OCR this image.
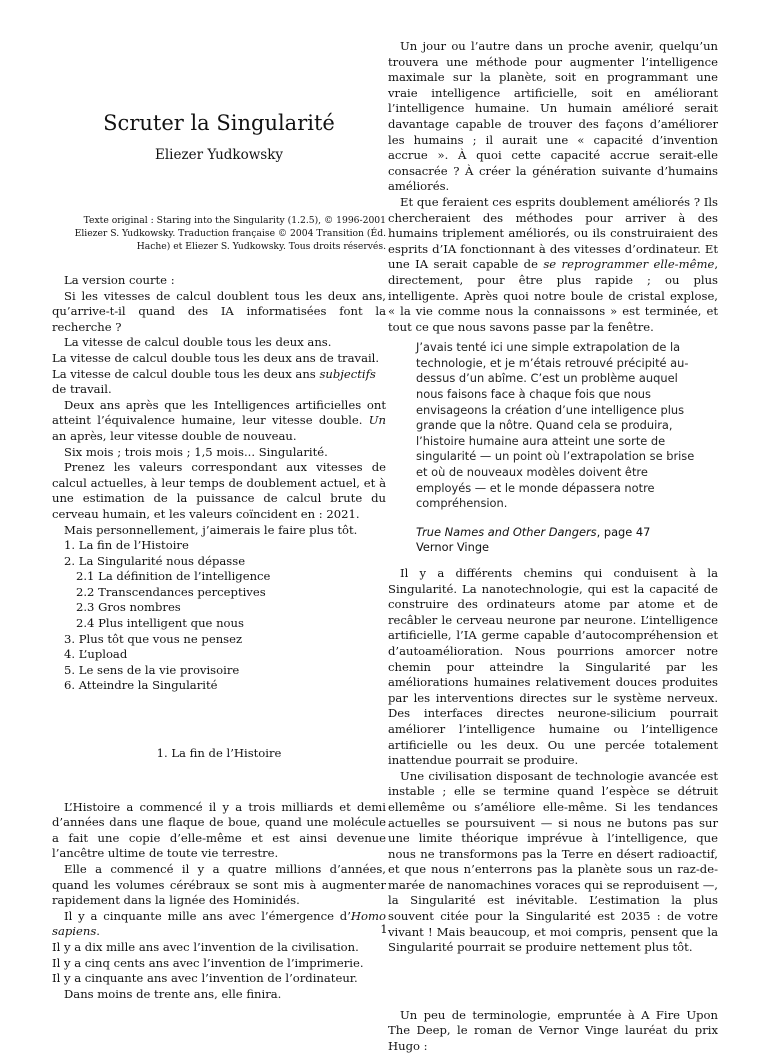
Scruter la Singularité
Eliezer Yudkowsky
Texte original : Staring into the Singularity (1.2.5), © 1996-2001
Eliezer S. Yudkowsky. Traduction française © 2004 Transition (Éd.
Hache) et Eliezer S. Yudkowsky. Tous droits réservés.

La version courte :

Si les vitesses de calcul doublent tous les deux ans, qu’arrive-t-il quand des IA informatisées font la recherche ?

La vitesse de calcul double tous les deux ans.

La vitesse de calcul double tous les deux ans de travail.

La vitesse de calcul double tous les deux ans subjectifs de travail.

Deux ans après que les Intelligences artificielles ont atteint l’équivalence humaine, leur vitesse double. Un an après, leur vitesse double de nouveau.

Six mois ; trois mois ; 1,5 mois... Singularité.

Prenez les valeurs correspondant aux vitesses de calcul actuelles, à leur temps de doublement actuel, et à une estimation de la puissance de calcul brute du cerveau humain, et les valeurs coïncident en : 2021.

Mais personnellement, j’aimerais le faire plus tôt.

1. La fin de l’Histoire
2. La Singularité nous dépasse
2.1 La définition de l’intelligence
2.2 Transcendances perceptives
2.3 Gros nombres
2.4 Plus intelligent que nous
3. Plus tôt que vous ne pensez
4. L’upload
5. Le sens de la vie provisoire
6. Atteindre la Singularité
1. La fin de l’Histoire

L’Histoire a commencé il y a trois milliards et demi d’années dans une flaque de boue, quand une molécule a fait une copie d’elle-même et est ainsi devenue l’ancêtre ultime de toute vie terrestre.

Elle a commencé il y a quatre millions d’années, quand les volumes cérébraux se sont mis à augmenter rapidement dans la lignée des Hominidés.

Il y a cinquante mille ans avec l’émergence d’Homo sapiens.

Il y a dix mille ans avec l’invention de la civilisation.

Il y a cinq cents ans avec l’invention de l’imprimerie.

Il y a cinquante ans avec l’invention de l’ordinateur.

Dans moins de trente ans, elle finira.

Un jour ou l’autre dans un proche avenir, quelqu’un trouvera une méthode pour augmenter l’intelligence maximale sur la planète, soit en programmant une vraie intelligence artificielle, soit en améliorant l’intelligence humaine. Un humain amélioré serait davantage capable de trouver des façons d’améliorer les humains ; il aurait une « capacité d’invention accrue ». À quoi cette capacité accrue serait-elle consacrée ? À créer la génération suivante d’humains améliorés.

Et que feraient ces esprits doublement améliorés ? Ils chercheraient des méthodes pour arriver à des humains triplement améliorés, ou ils construiraient des esprits d’IA fonctionnant à des vitesses d’ordinateur. Et une IA serait capable de se reprogrammer elle-même, directement, pour être plus rapide ; ou plus intelligente. Après quoi notre boule de cristal explose, « la vie comme nous la connaissons » est terminée, et tout ce que nous savons passe par la fenêtre.

J’avais tenté ici une simple extrapolation de la technologie, et je m’étais retrouvé précipité au-dessus d’un abîme. C’est un problème auquel nous faisons face à chaque fois que nous envisageons la création d’une intelligence plus grande que la nôtre. Quand cela se produira, l’histoire humaine aura atteint une sorte de singularité — un point où l’extrapolation se brise et où de nouveaux modèles doivent être employés — et le monde dépassera notre compréhension.

True Names and Other Dangers, page 47
Vernor Vinge

Il y a différents chemins qui conduisent à la Singularité. La nanotechnologie, qui est la capacité de construire des ordinateurs atome par atome et de recâbler le cerveau neurone par neurone. L’intelligence artificielle, l’IA germe capable d’autocompréhension et d’autoamélioration. Nous pourrions amorcer notre chemin pour atteindre la Singularité par les améliorations humaines relativement douces produites par les interventions directes sur le système nerveux. Des interfaces directes neurone-silicium pourrait améliorer l’intelligence humaine ou l’intelligence artificielle ou les deux. Ou une percée totalement inattendue pourrait se produire.

Une civilisation disposant de technologie avancée est instable ; elle se termine quand l’espèce se détruit ellemême ou s’améliore elle-même. Si les tendances actuelles se poursuivent — si nous ne butons pas sur une limite théorique imprévue à l’intelligence, que nous ne transformons pas la Terre en désert radioactif, et que nous n’enterrons pas la planète sous un raz-de-marée de nanomachines voraces qui se reproduisent —, la Singularité est inévitable. L’estimation la plus souvent citée pour la Singularité est 2035 : de votre vivant ! Mais beaucoup, et moi compris, pensent que la Singularité pourrait se produire nettement plus tôt.

Un peu de terminologie, empruntée à A Fire Upon The Deep, le roman de Vernor Vinge lauréat du prix Hugo :

1
